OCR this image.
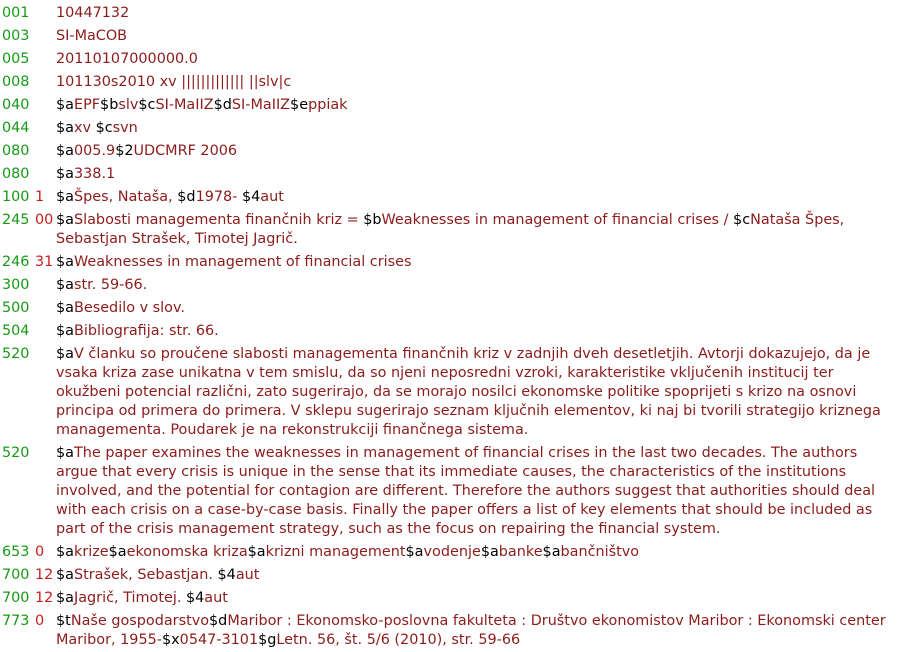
001	10447132
003	SI-MaCOB
005	20110107000000.0
008	101130s2010 xv ||||||||||||| ||slv|c
040	$aEPF$bslv$cSI-MaIIZ$dSI-MaIIZ$eppiak
044	$axv $csvn
080	$a005.9$2UDCMRF 2006
080	$a338.1
100 1 $aŠpes, Nataša, $d1978- $4aut
245 00 $aSlabosti managementa finančnih kriz = $bWeaknesses in management of financial crises / $cNataša Špes, Sebastjan Strašek, Timotej Jagrič.
246 31 $aWeaknesses in management of financial crises
300	$astr. 59-66.
500	$aBesedilo v slov.
504	$aBibliografija: str. 66.
520	$aV članku so proučene slabosti managementa finančnih kriz v zadnjih dveh desetletjih. Avtorji dokazujejo, da je vsaka kriza zase unikatna v tem smislu, da so njeni neposredni vzroki, karakteristike vključenih institucij ter okužbeni potencial različni, zato sugerirajo, da se morajo nosilci ekonomske politike spoprijeti s krizo na osnovi principa od primera do primera. V sklepu sugerirajo seznam ključnih elementov, ki naj bi tvorili strategijo kriznega managementa. Poudarek je na rekonstrukciji finančnega sistema.
520	$aThe paper examines the weaknesses in management of financial crises in the last two decades. The authors argue that every crisis is unique in the sense that its immediate causes, the characteristics of the institutions involved, and the potential for contagion are different. Therefore the authors suggest that authorities should deal with each crisis on a case-by-case basis. Finally the paper offers a list of key elements that should be included as part of the crisis management strategy, such as the focus on repairing the financial system.
653 0 $akrize$aekonomska kriza$akrizni management$avodenje$abanke$abančništvo
700 12 $aStrašek, Sebastjan. $4aut
700 12 $aJagrič, Timotej. $4aut
773 0 $tNaše gospodarstvo$dMaribor : Ekonomsko-poslovna fakulteta : Društvo ekonomistov Maribor : Ekonomski center Maribor, 1955-$x0547-3101$gLetn. 56, št. 5/6 (2010), str. 59-66
